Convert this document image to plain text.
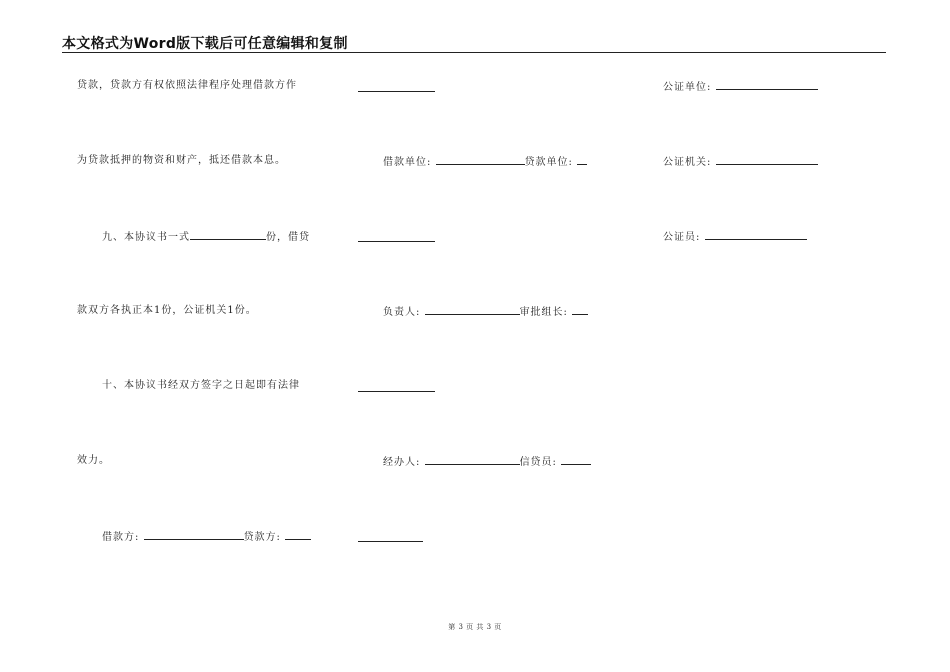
本文格式为Word版下载后可任意编辑和复制
贷款，贷款方有权依照法律程序处理借款方作
为贷款抵押的物资和财产，抵还借款本息。
九、本协议书一式	份，借贷
款双方各执正本1份，公证机关1份。
十、本协议书经双方签字之日起即有法律
效力。
借款方:	贷款方:
借款单位:	贷款单位:
负责人:	审批组长:
经办人:	信贷员:
公证单位:
公证机关:
公证员:
第 3 页 共 3 页
